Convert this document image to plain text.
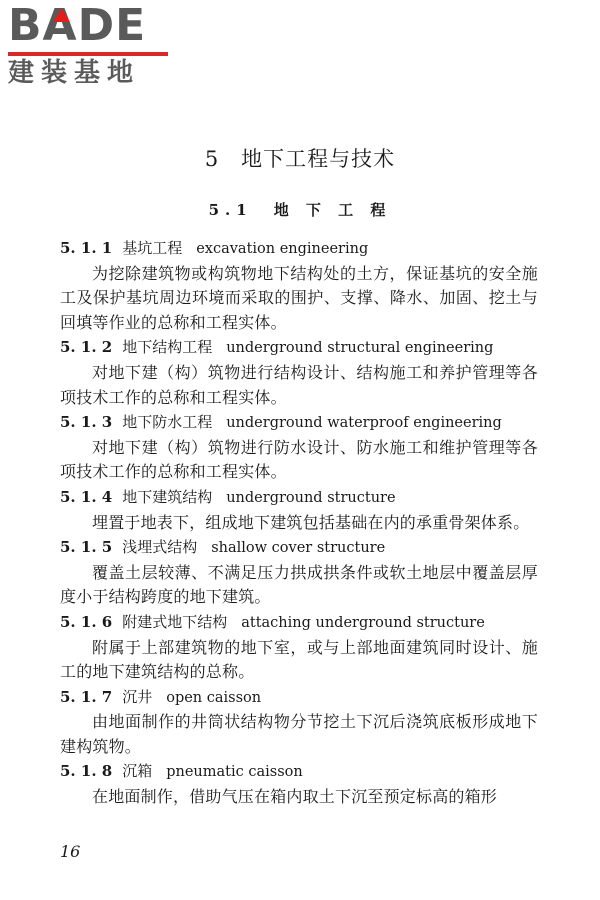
BADE
建装基地
5　地下工程与技术
5.1　地 下 工 程
5. 1. 1 基坑工程 excavation engineering
为挖除建筑物或构筑物地下结构处的土方，保证基坑的安全施工及保护基坑周边环境而采取的围护、支撑、降水、加固、挖土与回填等作业的总称和工程实体。
5. 1. 2 地下结构工程 underground structural engineering
对地下建（构）筑物进行结构设计、结构施工和养护管理等各项技术工作的总称和工程实体。
5. 1. 3 地下防水工程 underground waterproof engineering
对地下建（构）筑物进行防水设计、防水施工和维护管理等各项技术工作的总称和工程实体。
5. 1. 4 地下建筑结构 underground structure
埋置于地表下，组成地下建筑包括基础在内的承重骨架体系。
5. 1. 5 浅埋式结构 shallow cover structure
覆盖土层较薄、不满足压力拱成拱条件或软土地层中覆盖层厚度小于结构跨度的地下建筑。
5. 1. 6 附建式地下结构 attaching underground structure
附属于上部建筑物的地下室，或与上部地面建筑同时设计、施工的地下建筑结构的总称。
5. 1. 7 沉井 open caisson
由地面制作的井筒状结构物分节挖土下沉后浇筑底板形成地下建构筑物。
5. 1. 8 沉箱 pneumatic caisson
在地面制作，借助气压在箱内取土下沉至预定标高的箱形
16
